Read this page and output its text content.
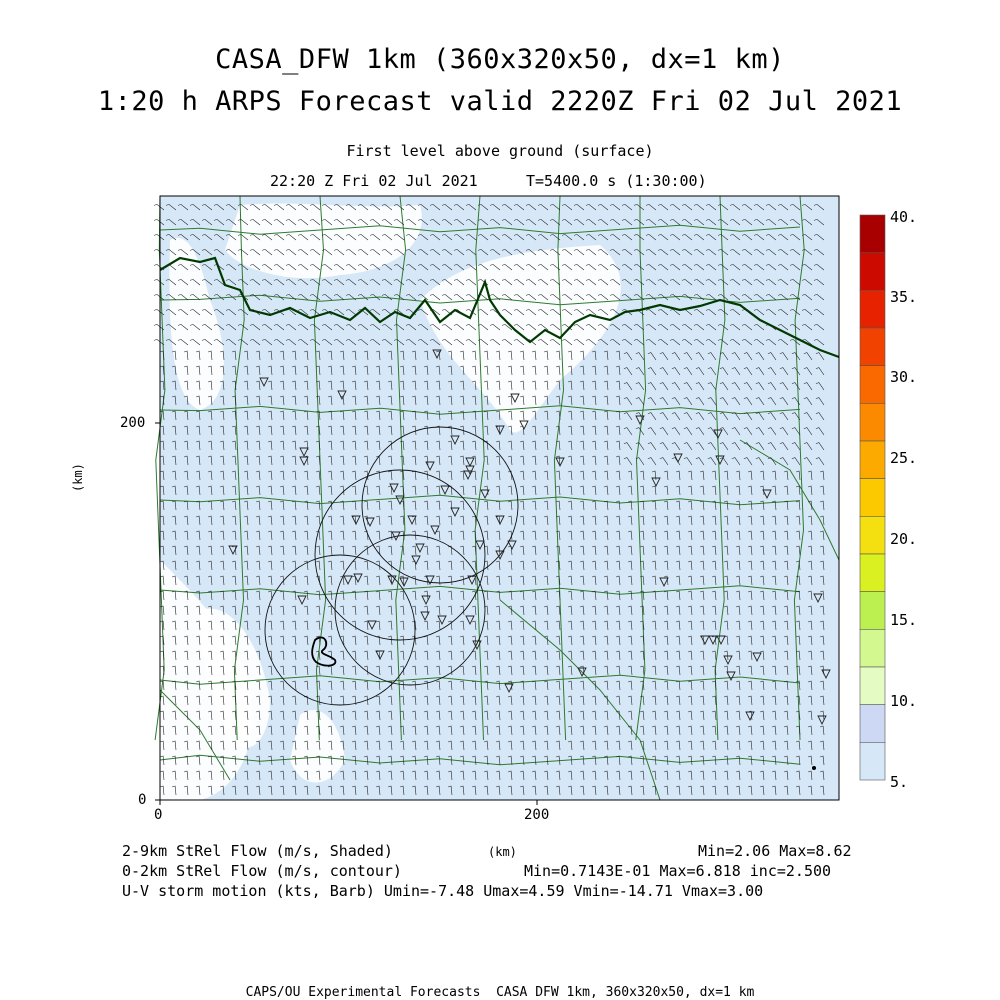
CASA_DFW 1km (360x320x50, dx=1 km)
1:20 h ARPS Forecast valid 2220Z Fri 02 Jul 2021
First level above ground (surface)
22:20 Z Fri 02 Jul 2021	T=5400.0 s (1:30:00)
(km)
200
0
0	200
40.
35.
30.
25.
20.
15.
10.
5.
2-9km StRel Flow (m/s, Shaded)	(km)	Min=2.06 Max=8.62
0-2km StRel Flow (m/s, contour)	Min=0.7143E-01 Max=6.818 inc=2.500
U-V storm motion (kts, Barb) Umin=-7.48 Umax=4.59 Vmin=-14.71 Vmax=3.00
CAPS/OU Experimental Forecasts  CASA DFW 1km, 360x320x50, dx=1 km
